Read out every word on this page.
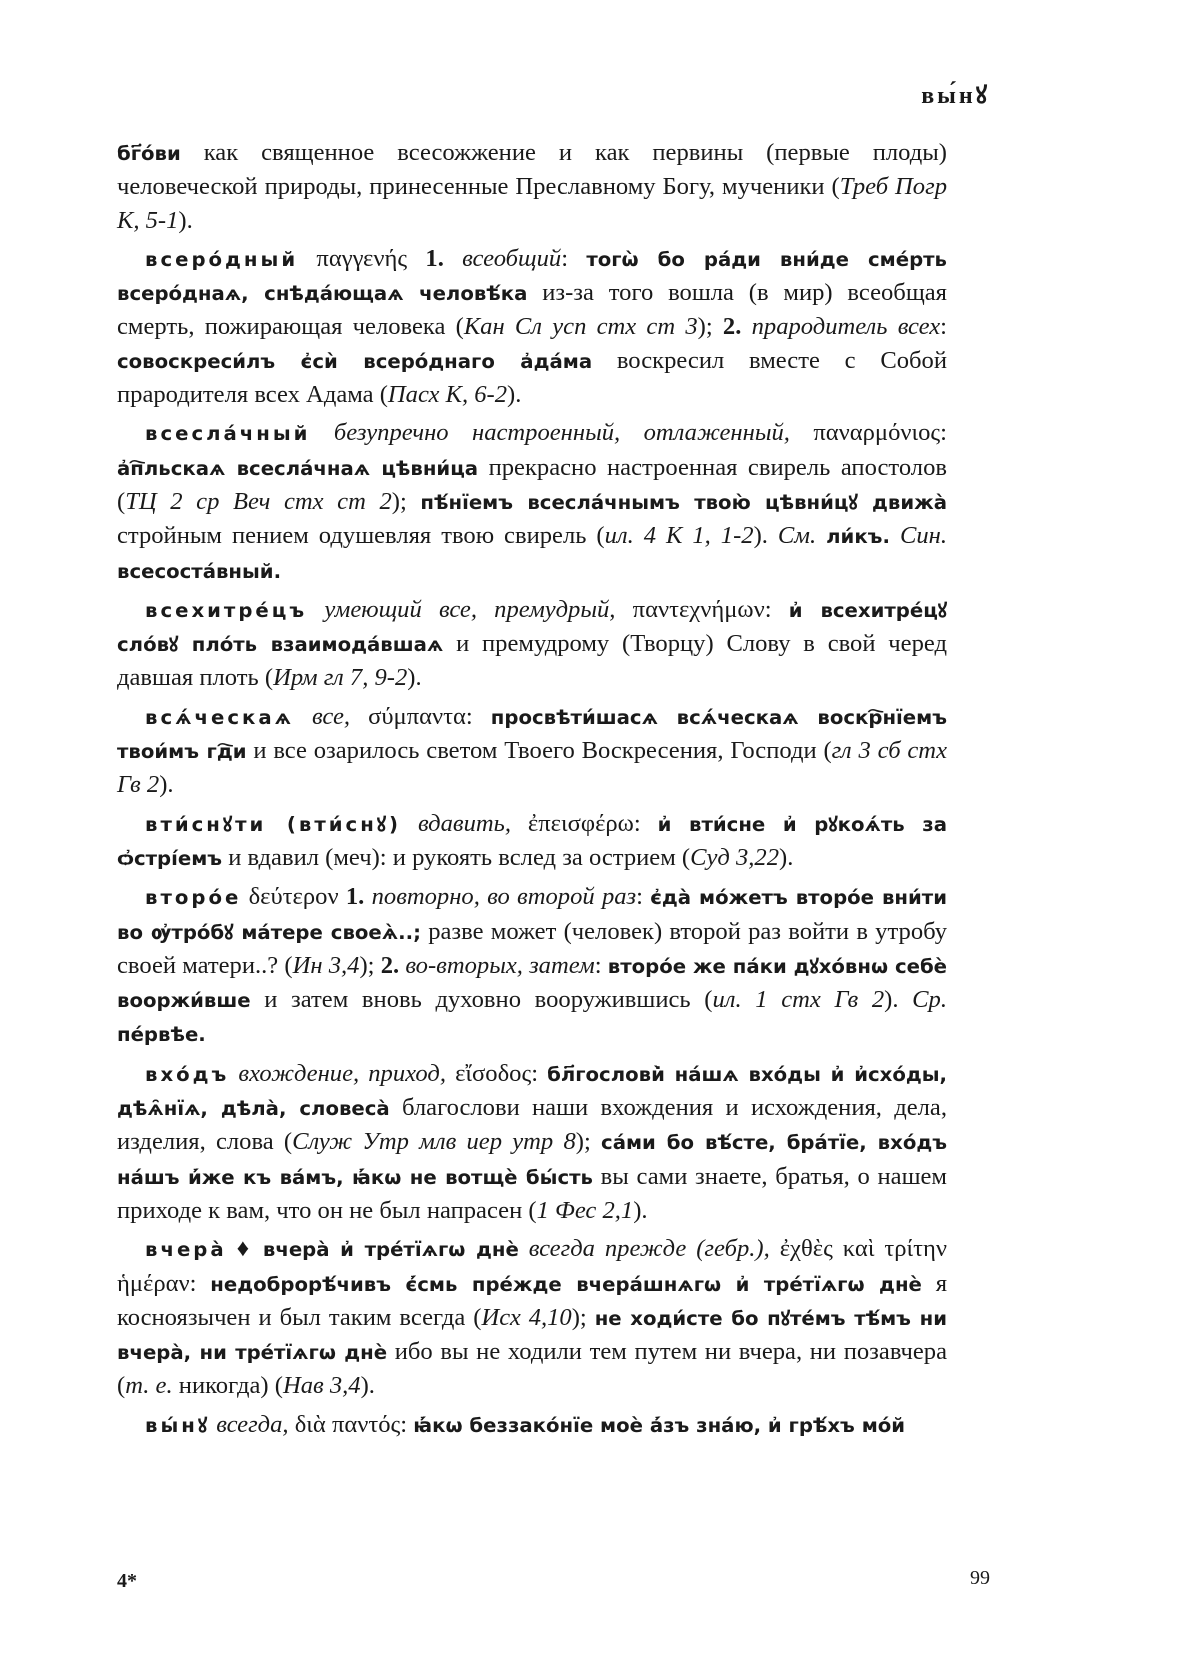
вы́нꙋ

бг҃о́ви как священное всесожжение и как первины (первые плоды) человеческой природы, принесенные Преславному Богу, мученики (Треб Погр К, 5-1).

всеро́дный παγγενής 1. всеобщий: тогѡ̀ бо ра́ди вни́де сме́рть всеро́днаѧ, снѣда́ющаѧ человѣ́ка из-за того вошла (в мир) всеобщая смерть, пожирающая человека (Кан Сл усп стх ст 3); 2. прародитель всех: совоскреси́лъ є҆сѝ всеро́днаго а҆да́ма воскресил вместе с Собой прародителя всех Адама (Пасх К, 6-2).

всесла́чный безупречно настроенный, отлаженный, παναρμόνιος: а҆п҇льскаѧ всесла́чнаѧ цѣвни́ца прекрасно настроенная свирель апостолов (ТЦ 2 ср Веч стх ст 2); пѣ́нїемъ всесла́чнымъ твою̀ цѣвни́цꙋ движа̀ стройным пением одушевляя твою свирель (ил. 4 К 1, 1-2). См. ли́къ. Син. всесоста́вный.

всехитре́цъ умеющий все, премудрый, παντεχνήμων: и҆ всехитре́цꙋ сло́вꙋ пло́ть взаимода́вшаѧ и премудрому (Творцу) Слову в свой черед давшая плоть (Ирм гл 7, 9-2).

всѧ́ческаѧ все, σύμπαντα: просвѣти́шасѧ всѧ́ческаѧ воскр҇нїемъ твои́мъ гд҇и и все озарилось светом Твоего Воскресения, Господи (гл 3 сб стх Гв 2).

вти́снꙋти (вти́снꙋ) вдавить, ἐπεισφέρω: и҆ вти́сне и҆ рꙋкоѧ́ть за ѻ҆стрі́емъ и вдавил (меч): и рукоять вслед за острием (Суд 3,22).

второ́е δεύτερον 1. повторно, во второй раз: є҆да̀ мо́жетъ второ́е вни́ти во ѹ҆тро́бꙋ ма́тере своеѧ̀..; разве может (человек) второй раз войти в утробу своей матери..? (Ин 3,4); 2. во-вторых, затем: второ́е же па́ки дꙋхо́внѡ себѐ вооржи́вше и затем вновь духовно вооружившись (ил. 1 стх Гв 2). Ср. пе́рвѣе.

вхо́дъ вхождение, приход, εἴσοδος: бл҃гослови̇̀ на́шѧ вхо́ды и҆ и҆схо́ды, дѣѧ̑нїѧ, дѣла̀, словеса̀ благослови наши вхождения и исхождения, дела, изделия, слова (Служ Утр млв иер утр 8); са́ми бо вѣ́сте, бра́тїе, вхо́дъ на́шъ и҆́же къ ва́мъ, ꙗ҆́кѡ не вотщѐ бы́сть вы сами знаете, братья, о нашем приходе к вам, что он не был напрасен (1 Фес 2,1).

вчера̀ ♦ вчера̀ и҆ тре́тїѧгѡ днѐ всегда прежде (гебр.), ἐχθὲς καὶ τρίτην ἡμέραν: недоброрѣ́чивъ є҆́смь пре́жде вчера́шнѧгѡ и҆ тре́тїѧгѡ днѐ я косноязычен и был таким всегда (Исх 4,10); не ходи́сте бо пꙋте́мъ тѣ́мъ ни вчера̀, ни тре́тїѧгѡ днѐ ибо вы не ходили тем путем ни вчера, ни позавчера (т. е. никогда) (Нав 3,4).

вы́нꙋ всегда, διὰ παντός: ꙗ҆́кѡ беззако́нїе моѐ а҆́зъ зна́ю, и҆ грѣ́хъ мо́й

4*	99
